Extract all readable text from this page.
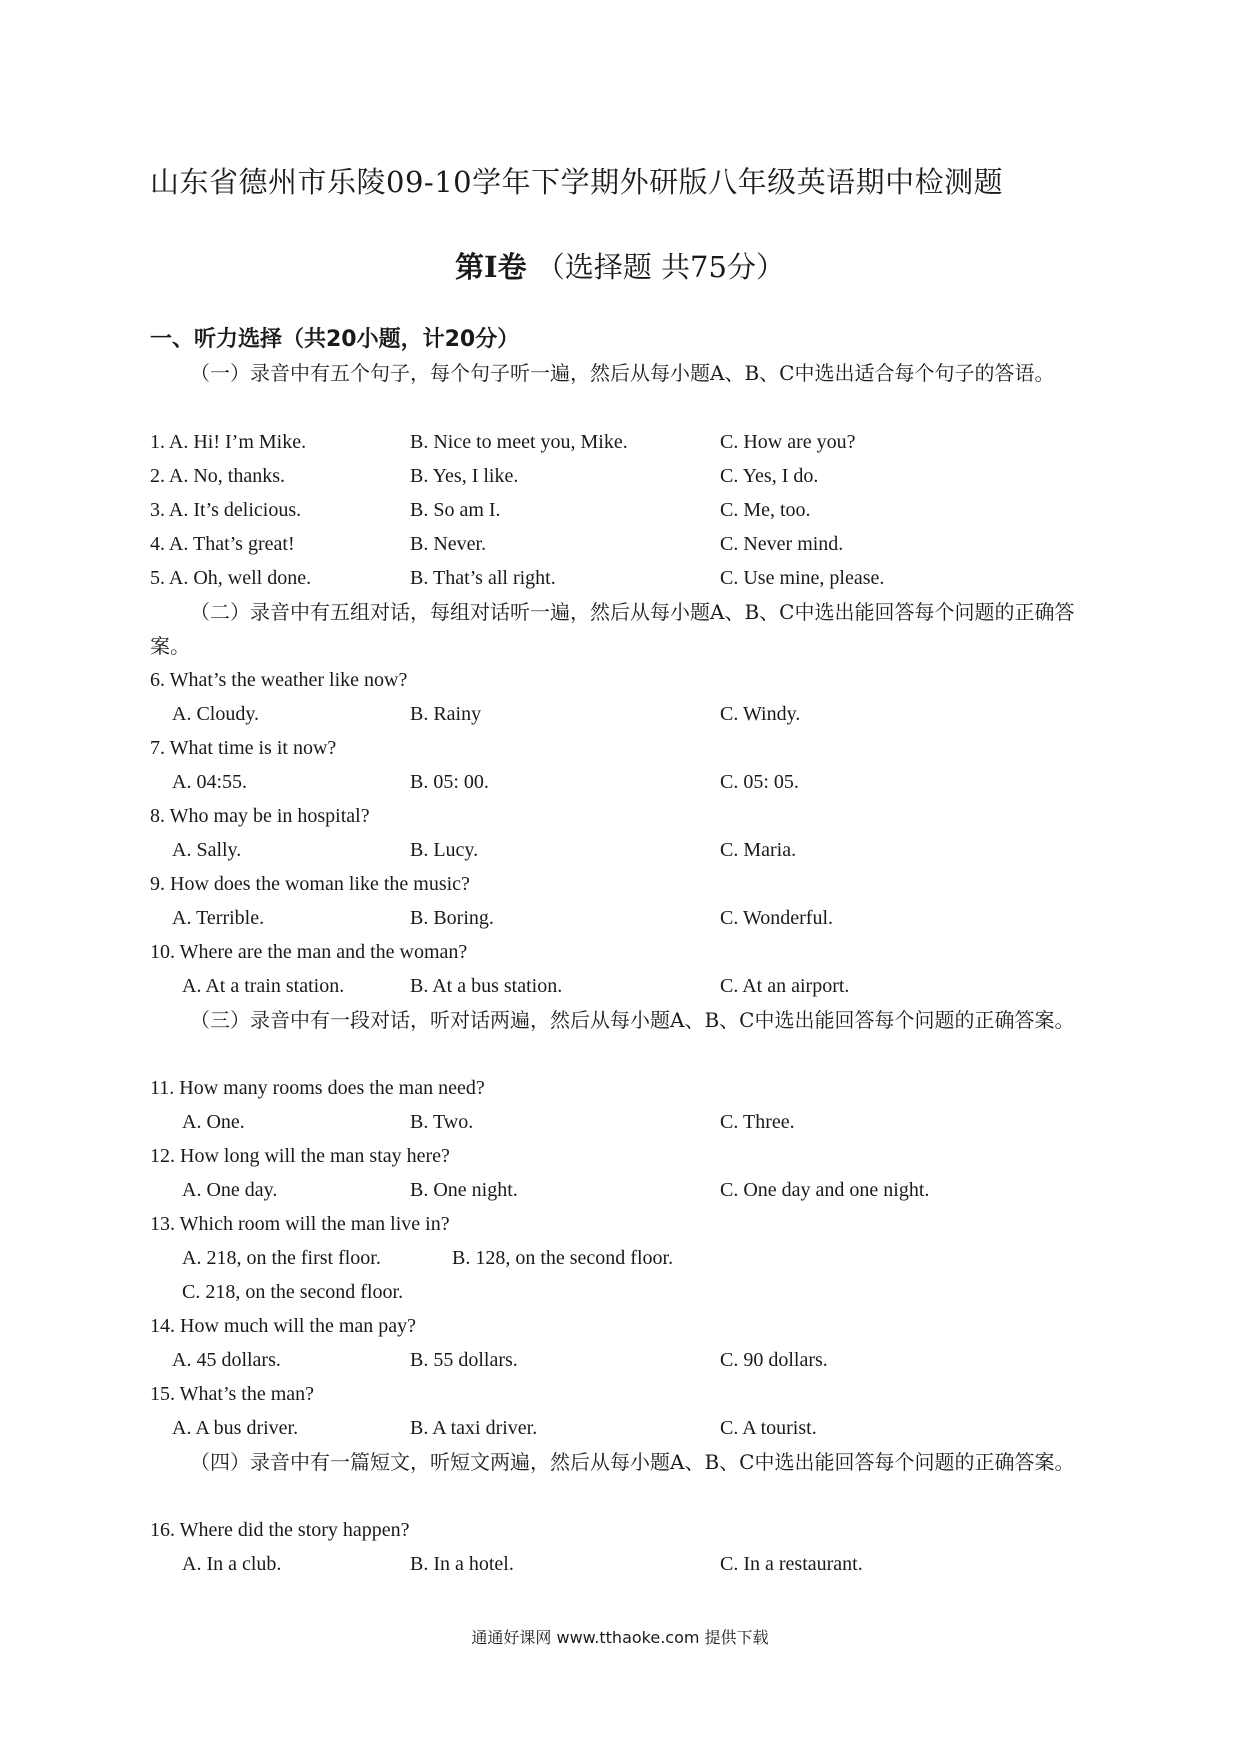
山东省德州市乐陵09-10学年下学期外研版八年级英语期中检测题
第Ⅰ卷 （选择题 共75分）
一、听力选择（共20小题，计20分）
（一）录音中有五个句子，每个句子听一遍，然后从每小题A、B、C中选出适合每个句子的答语。
1. A. Hi! I’m Mike.	B. Nice to meet you, Mike.	C. How are you?
2. A. No, thanks.	B. Yes, I like.	C. Yes, I do.
3. A. It’s delicious.	B. So am I.	C. Me, too.
4. A. That’s great!	B. Never.	C. Never mind.
5. A. Oh, well done.	B. That’s all right.	C. Use mine, please.
（二）录音中有五组对话，每组对话听一遍，然后从每小题A、B、C中选出能回答每个问题的正确答案。
6. What’s the weather like now?
A. Cloudy.	B. Rainy	C. Windy.
7. What time is it now?
A. 04:55.	B. 05: 00.	C. 05: 05.
8. Who may be in hospital?
A. Sally.	B. Lucy.	C. Maria.
9. How does the woman like the music?
A. Terrible.	B. Boring.	C. Wonderful.
10. Where are the man and the woman?
A. At a train station.	B. At a bus station.	C. At an airport.
（三）录音中有一段对话，听对话两遍，然后从每小题A、B、C中选出能回答每个问题的正确答案。
11. How many rooms does the man need?
A. One.	B. Two.	C. Three.
12. How long will the man stay here?
A. One day.	B. One night.	C. One day and one night.
13. Which room will the man live in?
A. 218, on the first floor.	B. 128, on the second floor.
C. 218, on the second floor.
14. How much will the man pay?
A. 45 dollars.	B. 55 dollars.	C. 90 dollars.
15. What’s the man?
A. A bus driver.	B. A taxi driver.	C. A tourist.
（四）录音中有一篇短文，听短文两遍，然后从每小题A、B、C中选出能回答每个问题的正确答案。
16. Where did the story happen?
A. In a club.	B. In a hotel.	C. In a restaurant.
通通好课网 www.tthaoke.com 提供下载
